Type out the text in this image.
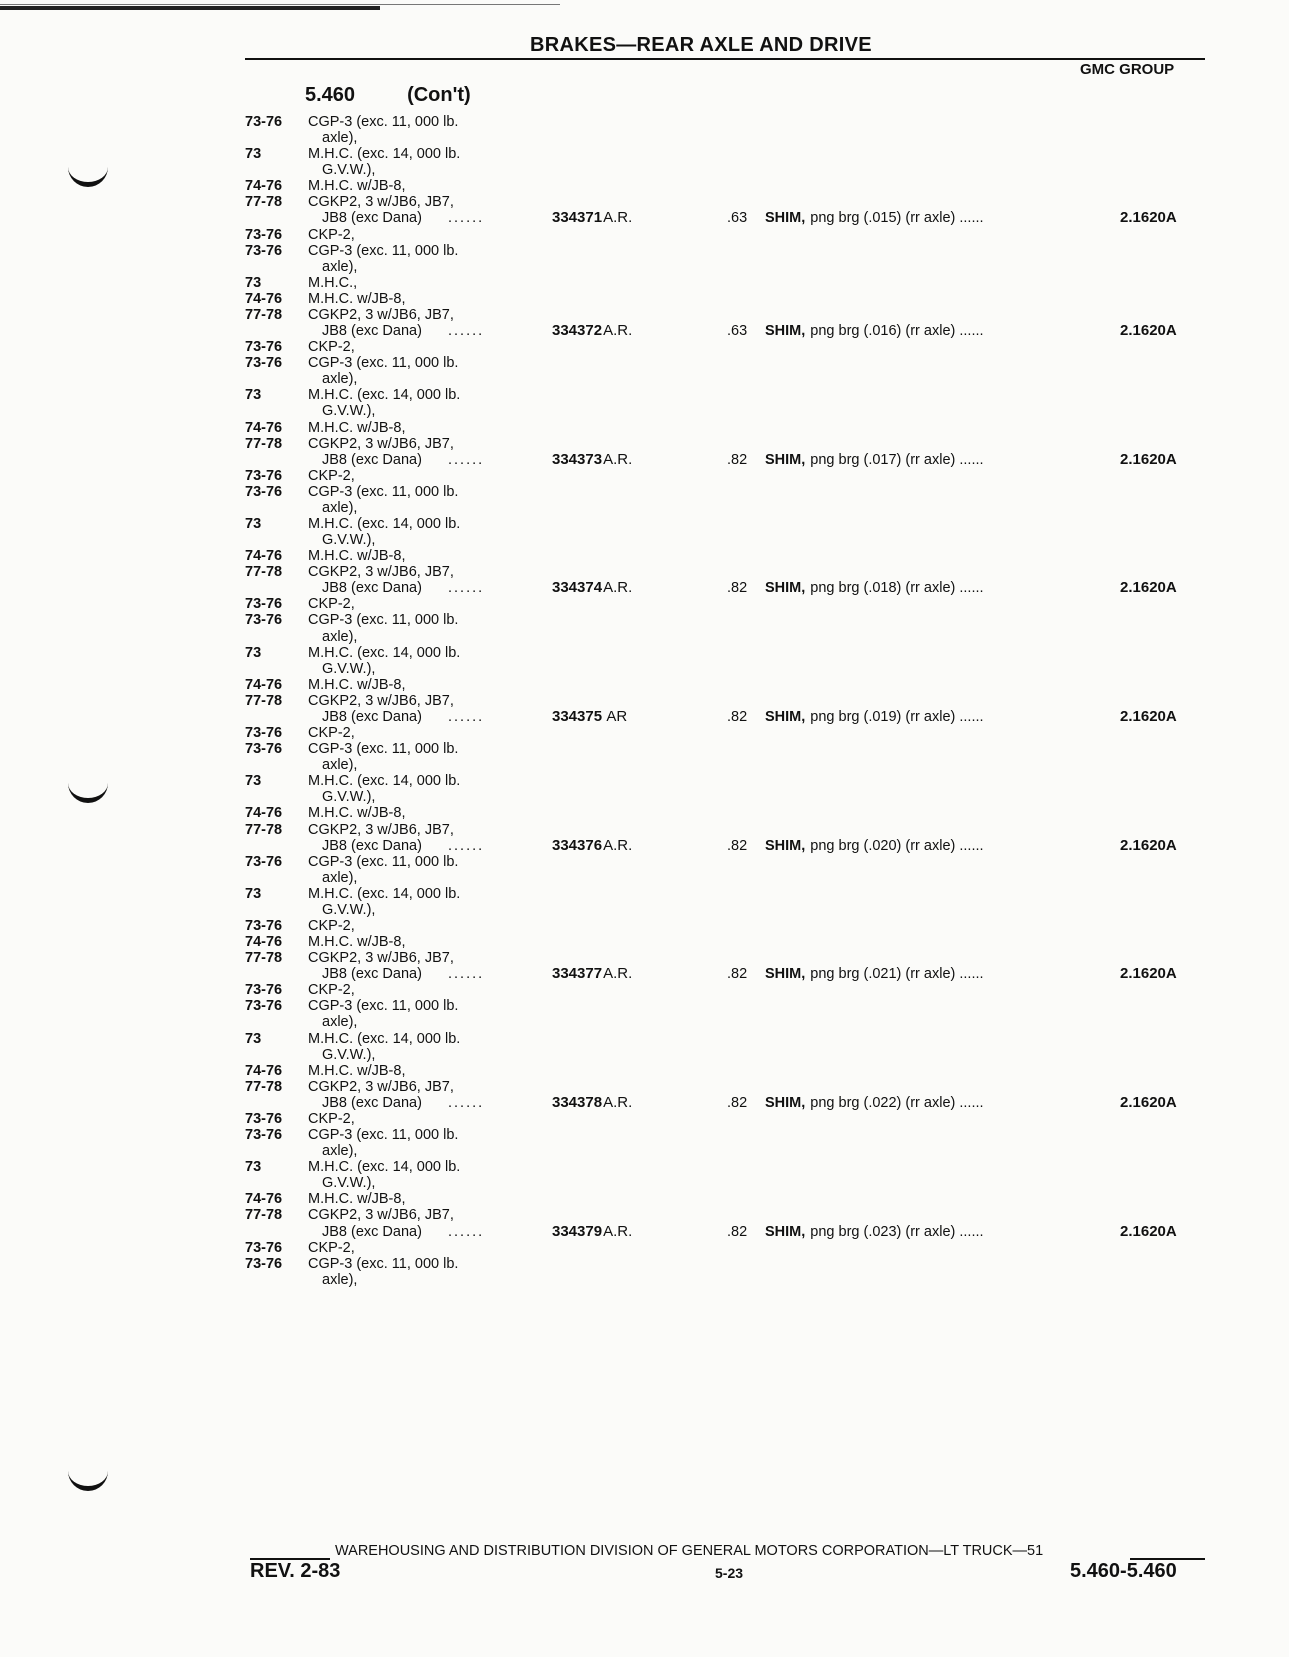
BRAKES—REAR AXLE AND DRIVE
GMC GROUP
5.460	(Con't)
73-76 CGP-3 (exc. 11, 000 lb.
axle),
73	M.H.C. (exc. 14, 000 lb.
G.V.W.),
74-76 M.H.C. w/JB-8,
77-78 CGKP2, 3 w/JB6, JB7,
JB8 (exc Dana) ......	334371A.R.	.63 SHIM, png brg (.015) (rr axle) ......	2.1620A
73-76 CKP-2,
73-76 CGP-3 (exc. 11, 000 lb.
axle),
73	M.H.C.,
74-76 M.H.C. w/JB-8,
77-78 CGKP2, 3 w/JB6, JB7,
JB8 (exc Dana) ......	334372A.R.	.63 SHIM, png brg (.016) (rr axle) ......	2.1620A
73-76 CKP-2,
73-76 CGP-3 (exc. 11, 000 lb.
axle),
73	M.H.C. (exc. 14, 000 lb.
G.V.W.),
74-76 M.H.C. w/JB-8,
77-78 CGKP2, 3 w/JB6, JB7,
JB8 (exc Dana) ......	334373A.R.	.82 SHIM, png brg (.017) (rr axle) ......	2.1620A
73-76 CKP-2,
73-76 CGP-3 (exc. 11, 000 lb.
axle),
73	M.H.C. (exc. 14, 000 lb.
G.V.W.),
74-76 M.H.C. w/JB-8,
77-78 CGKP2, 3 w/JB6, JB7,
JB8 (exc Dana) ......	334374A.R.	.82 SHIM, png brg (.018) (rr axle) ......	2.1620A
73-76 CKP-2,
73-76 CGP-3 (exc. 11, 000 lb.
axle),
73	M.H.C. (exc. 14, 000 lb.
G.V.W.),
74-76 M.H.C. w/JB-8,
77-78 CGKP2, 3 w/JB6, JB7,
JB8 (exc Dana) ......	334375 AR	.82 SHIM, png brg (.019) (rr axle) ......	2.1620A
73-76 CKP-2,
73-76 CGP-3 (exc. 11, 000 lb.
axle),
73	M.H.C. (exc. 14, 000 lb.
G.V.W.),
74-76 M.H.C. w/JB-8,
77-78 CGKP2, 3 w/JB6, JB7,
JB8 (exc Dana) ......	334376A.R.	.82 SHIM, png brg (.020) (rr axle) ......	2.1620A
73-76 CGP-3 (exc. 11, 000 lb.
axle),
73	M.H.C. (exc. 14, 000 lb.
G.V.W.),
73-76 CKP-2,
74-76 M.H.C. w/JB-8,
77-78 CGKP2, 3 w/JB6, JB7,
JB8 (exc Dana) ......	334377A.R.	.82 SHIM, png brg (.021) (rr axle) ......	2.1620A
73-76 CKP-2,
73-76 CGP-3 (exc. 11, 000 lb.
axle),
73	M.H.C. (exc. 14, 000 lb.
G.V.W.),
74-76 M.H.C. w/JB-8,
77-78 CGKP2, 3 w/JB6, JB7,
JB8 (exc Dana) ......	334378A.R.	.82 SHIM, png brg (.022) (rr axle) ......	2.1620A
73-76 CKP-2,
73-76 CGP-3 (exc. 11, 000 lb.
axle),
73	M.H.C. (exc. 14, 000 lb.
G.V.W.),
74-76 M.H.C. w/JB-8,
77-78 CGKP2, 3 w/JB6, JB7,
JB8 (exc Dana) ......	334379A.R.	.82 SHIM, png brg (.023) (rr axle) ......	2.1620A
73-76 CKP-2,
73-76 CGP-3 (exc. 11, 000 lb.
axle),
WAREHOUSING AND DISTRIBUTION DIVISION OF GENERAL MOTORS CORPORATION—LT TRUCK—51
REV. 2-83	5-23	5.460-5.460
